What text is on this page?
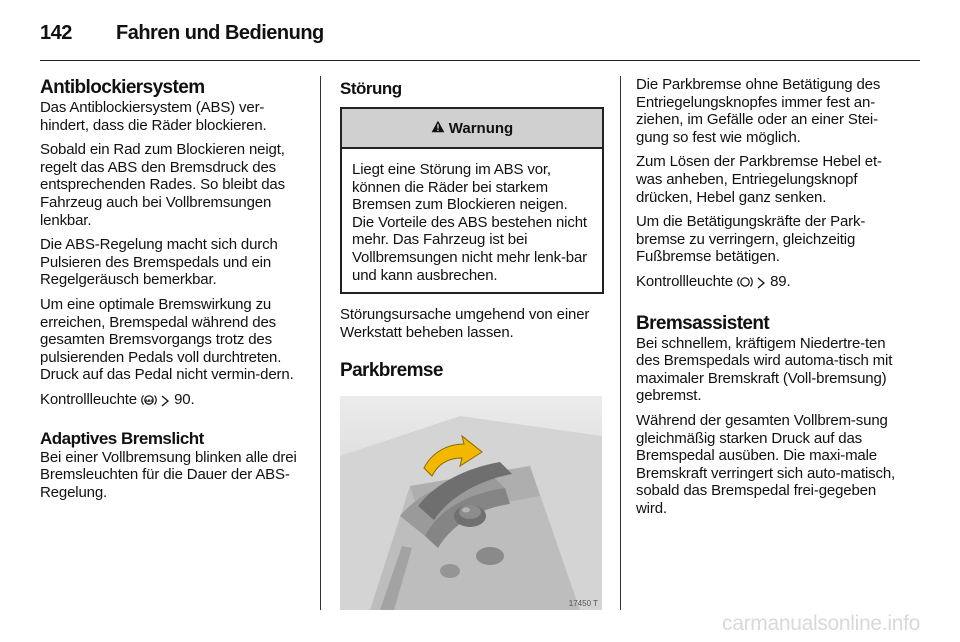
142 Fahren und Bedienung
Antiblockiersystem

Das Antiblockiersystem (ABS) ver-hindert, dass die Räder blockieren.

Sobald ein Rad zum Blockieren neigt, regelt das ABS den Bremsdruck des entsprechenden Rades. So bleibt das Fahrzeug auch bei Vollbremsungen lenkbar.

Die ABS-Regelung macht sich durch Pulsieren des Bremspedals und ein Regelgeräusch bemerkbar.

Um eine optimale Bremswirkung zu erreichen, Bremspedal während des gesamten Bremsvorgangs trotz des pulsierenden Pedals voll durchtreten. Druck auf das Pedal nicht vermin-dern.

Kontrollleuchte ABS 90.

Adaptives Bremslicht

Bei einer Vollbremsung blinken alle drei Bremsleuchten für die Dauer der ABS-Regelung.

Störung
Warnung

Liegt eine Störung im ABS vor, können die Räder bei starkem Bremsen zum Blockieren neigen. Die Vorteile des ABS bestehen nicht mehr. Das Fahrzeug ist bei Vollbremsungen nicht mehr lenk-bar und kann ausbrechen.

Störungsursache umgehend von einer Werkstatt beheben lassen.

Parkbremse
17450 T

Die Parkbremse ohne Betätigung des Entriegelungsknopfes immer fest an-ziehen, im Gefälle oder an einer Stei-gung so fest wie möglich.

Zum Lösen der Parkbremse Hebel et-was anheben, Entriegelungsknopf drücken, Hebel ganz senken.

Um die Betätigungskräfte der Park-bremse zu verringern, gleichzeitig Fußbremse betätigen.

Kontrollleuchte 89.

Bremsassistent

Bei schnellem, kräftigem Niedertre-ten des Bremspedals wird automa-tisch mit maximaler Bremskraft (Voll-bremsung) gebremst.

Während der gesamten Vollbrem-sung gleichmäßig starken Druck auf das Bremspedal ausüben. Die maxi-male Bremskraft verringert sich auto-matisch, sobald das Bremspedal frei-gegeben wird.

carmanualsonline.info
